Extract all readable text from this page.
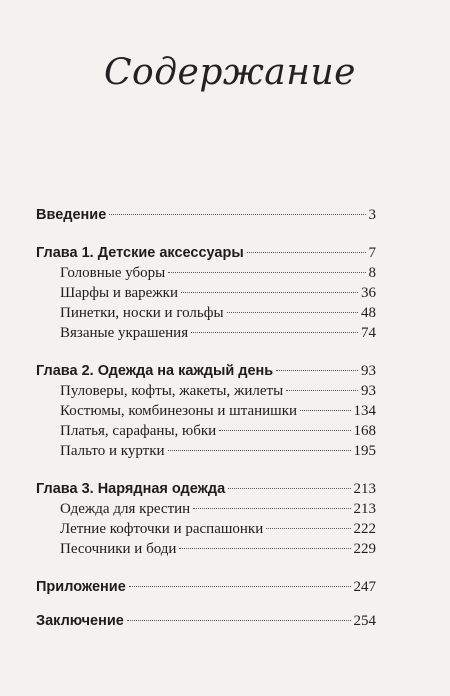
Содержание
Введение	3
Глава 1. Детские аксессуары	7
Головные уборы	8
Шарфы и варежки	36
Пинетки, носки и гольфы	48
Вязаные украшения	74
Глава 2. Одежда на каждый день	93
Пуловеры, кофты, жакеты, жилеты	93
Костюмы, комбинезоны и штанишки	134
Платья, сарафаны, юбки	168
Пальто и куртки	195
Глава 3. Нарядная одежда	213
Одежда для крестин	213
Летние кофточки и распашонки	222
Песочники и боди	229
Приложение	247
Заключение	254
